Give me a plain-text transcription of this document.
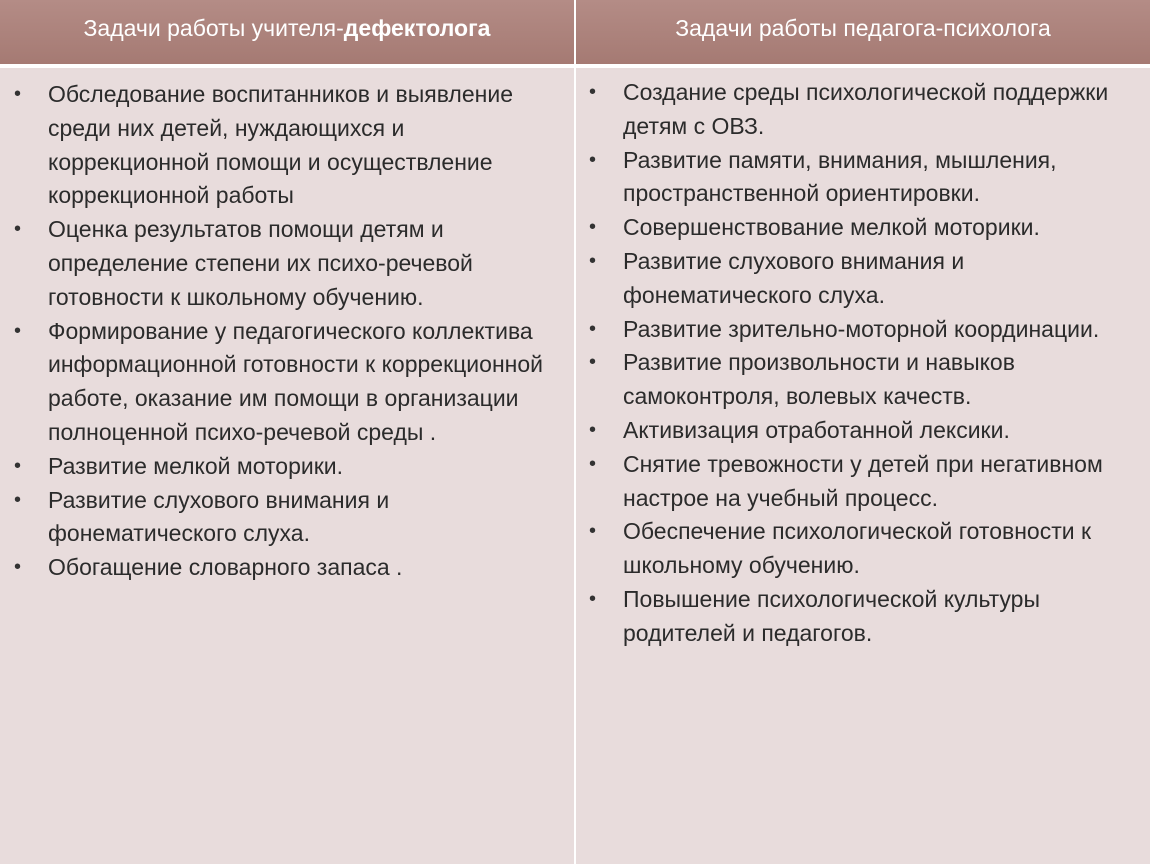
Задачи работы учителя-дефектолога	Задачи работы педагога-психолога
• Обследование воспитанников и выявление среди них детей, нуждающихся и коррекционной помощи и осуществление коррекционной работы
• Оценка результатов помощи детям и определение степени их психо-речевой готовности к школьному обучению.
• Формирование у педагогического коллектива информационной готовности к коррекционной работе, оказание им помощи в организации полноценной психо-речевой среды .
• Развитие мелкой моторики.
• Развитие слухового внимания и фонематического слуха.
• Обогащение словарного запаса .
• Создание среды психологической поддержки детям с ОВЗ.
• Развитие памяти, внимания, мышления, пространственной ориентировки.
• Совершенствование мелкой моторики.
• Развитие слухового внимания и фонематического слуха.
• Развитие зрительно-моторной координации.
• Развитие произвольности и навыков самоконтроля, волевых качеств.
• Активизация отработанной лексики.
• Снятие тревожности у детей при негативном настрое на учебный процесс.
• Обеспечение психологической готовности к школьному обучению.
• Повышение психологической культуры родителей и педагогов.
